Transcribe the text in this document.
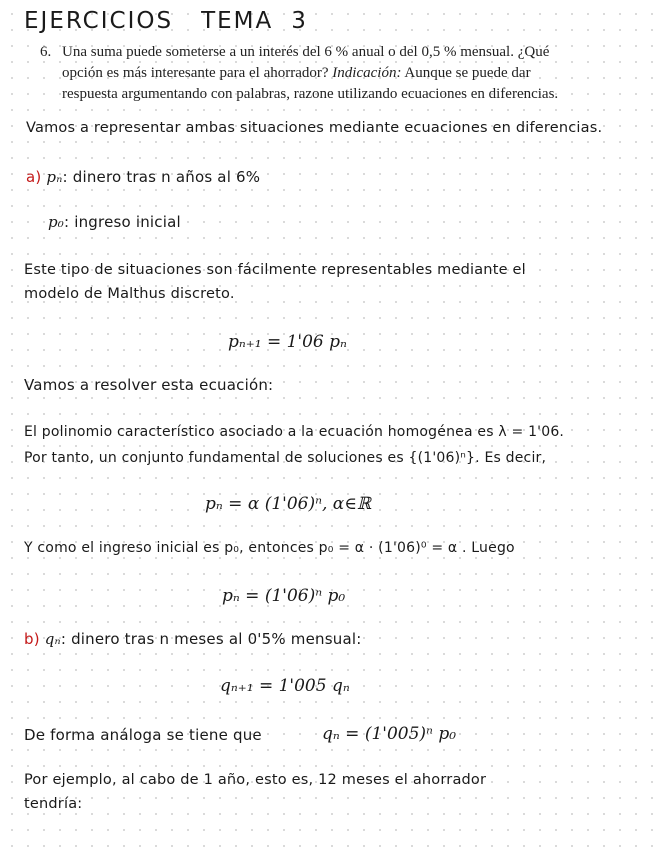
EJERCICIOS TEMA 3
6. Una suma puede someterse a un interés del 6 % anual o del 0,5 % mensual. ¿Qué
opción es más interesante para el ahorrador? Indicación: Aunque se puede dar
respuesta argumentando con palabras, razone utilizando ecuaciones en diferencias.
Vamos a representar ambas situaciones mediante ecuaciones en diferencias.
a) pₙ: dinero tras n años al 6%
p₀: ingreso inicial
Este tipo de situaciones son fácilmente representables mediante el
modelo de Malthus discreto.
pₙ₊₁ = 1'06 pₙ
Vamos a resolver esta ecuación:
El polinomio característico asociado a la ecuación homogénea es λ = 1'06.
Por tanto, un conjunto fundamental de soluciones es {(1'06)ⁿ}. Es decir,
pₙ = α (1'06)ⁿ, α∈ℝ
Y como el ingreso inicial es p₀, entonces p₀ = α · (1'06)⁰ = α . Luego
pₙ = (1'06)ⁿ p₀
b) qₙ: dinero tras n meses al 0'5% mensual:
qₙ₊₁ = 1'005 qₙ
De forma análoga se tiene que	qₙ = (1'005)ⁿ p₀
Por ejemplo, al cabo de 1 año, esto es, 12 meses el ahorrador
tendría:
